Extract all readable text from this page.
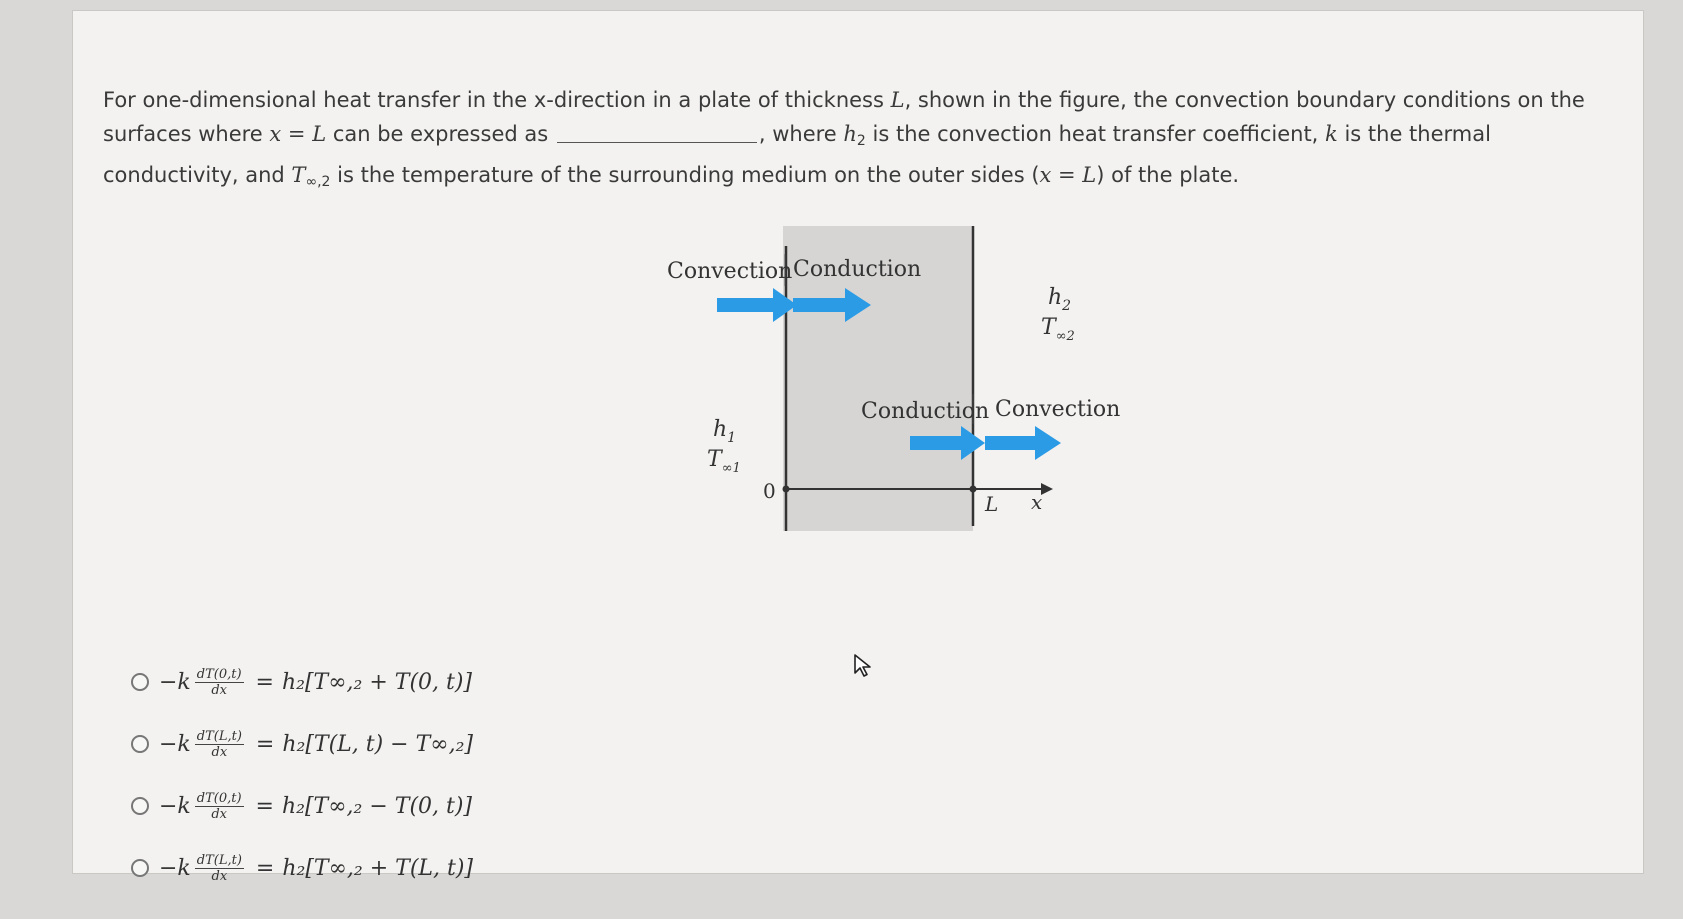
For one-dimensional heat transfer in the x-direction in a plate of thickness L, shown in the figure, the convection boundary conditions on the surfaces where x = L can be expressed as	, where $h_2$ is the convection heat transfer coefficient, k is the thermal conductivity, and $T_{\infty,2}$ is the temperature of the surrounding medium on the outer sides (x = L) of the plate.
Convection Conduction
$h_2$
$T_{\infty 2}$
Conduction Convection
$h_1$
$T_{\infty 1}$
0
L x
$-k \frac{dT(0,t)}{dx} = h_2[T\infty,_2 + T(0$, t)]
$-k \frac{dT(L,t)}{dx} = h_2[T(L$, t) − T∞,₂]
$-k \frac{dT(0,t)}{dx} = h_2[T\infty,_2 - T(0$, t)]
$-k \frac{dT(L,t)}{dx} = h_2[T\infty,_2 + T(L$, t)]
